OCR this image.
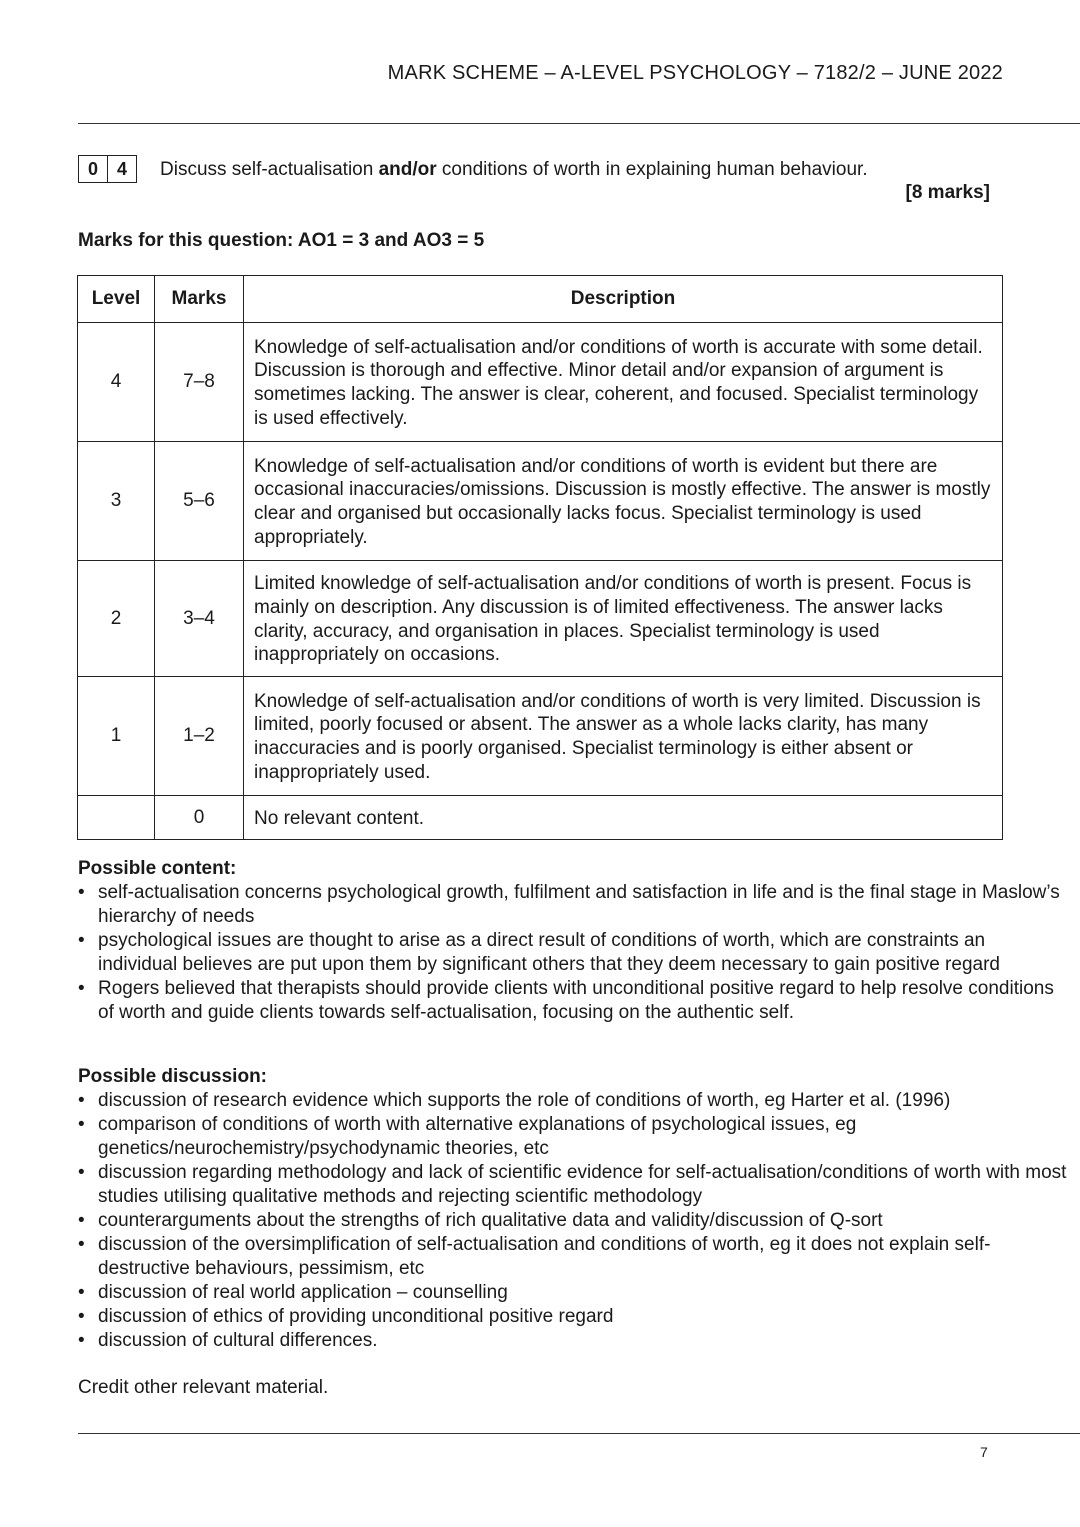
MARK SCHEME – A-LEVEL PSYCHOLOGY – 7182/2 – JUNE 2022
0	4	Discuss self-actualisation and/or conditions of worth in explaining human behaviour.
[8 marks]
Marks for this question: AO1 = 3 and AO3 = 5
Level	Marks	Description
4	7–8	Knowledge of self-actualisation and/or conditions of worth is accurate with some detail. Discussion is thorough and effective. Minor detail and/or expansion of argument is sometimes lacking. The answer is clear, coherent, and focused. Specialist terminology is used effectively.
3	5–6	Knowledge of self-actualisation and/or conditions of worth is evident but there are occasional inaccuracies/omissions. Discussion is mostly effective. The answer is mostly clear and organised but occasionally lacks focus. Specialist terminology is used appropriately.
2	3–4	Limited knowledge of self-actualisation and/or conditions of worth is present. Focus is mainly on description. Any discussion is of limited effectiveness. The answer lacks clarity, accuracy, and organisation in places. Specialist terminology is used inappropriately on occasions.
1	1–2	Knowledge of self-actualisation and/or conditions of worth is very limited. Discussion is limited, poorly focused or absent. The answer as a whole lacks clarity, has many inaccuracies and is poorly organised. Specialist terminology is either absent or inappropriately used.
	0	No relevant content.
Possible content:
• self-actualisation concerns psychological growth, fulfilment and satisfaction in life and is the final stage in Maslow’s hierarchy of needs
• psychological issues are thought to arise as a direct result of conditions of worth, which are constraints an individual believes are put upon them by significant others that they deem necessary to gain positive regard
• Rogers believed that therapists should provide clients with unconditional positive regard to help resolve conditions of worth and guide clients towards self-actualisation, focusing on the authentic self.
Possible discussion:
• discussion of research evidence which supports the role of conditions of worth, eg Harter et al. (1996)
• comparison of conditions of worth with alternative explanations of psychological issues, eg genetics/neurochemistry/psychodynamic theories, etc
• discussion regarding methodology and lack of scientific evidence for self-actualisation/conditions of worth with most studies utilising qualitative methods and rejecting scientific methodology
• counterarguments about the strengths of rich qualitative data and validity/discussion of Q-sort
• discussion of the oversimplification of self-actualisation and conditions of worth, eg it does not explain self-destructive behaviours, pessimism, etc
• discussion of real world application – counselling
• discussion of ethics of providing unconditional positive regard
• discussion of cultural differences.
Credit other relevant material.
7
